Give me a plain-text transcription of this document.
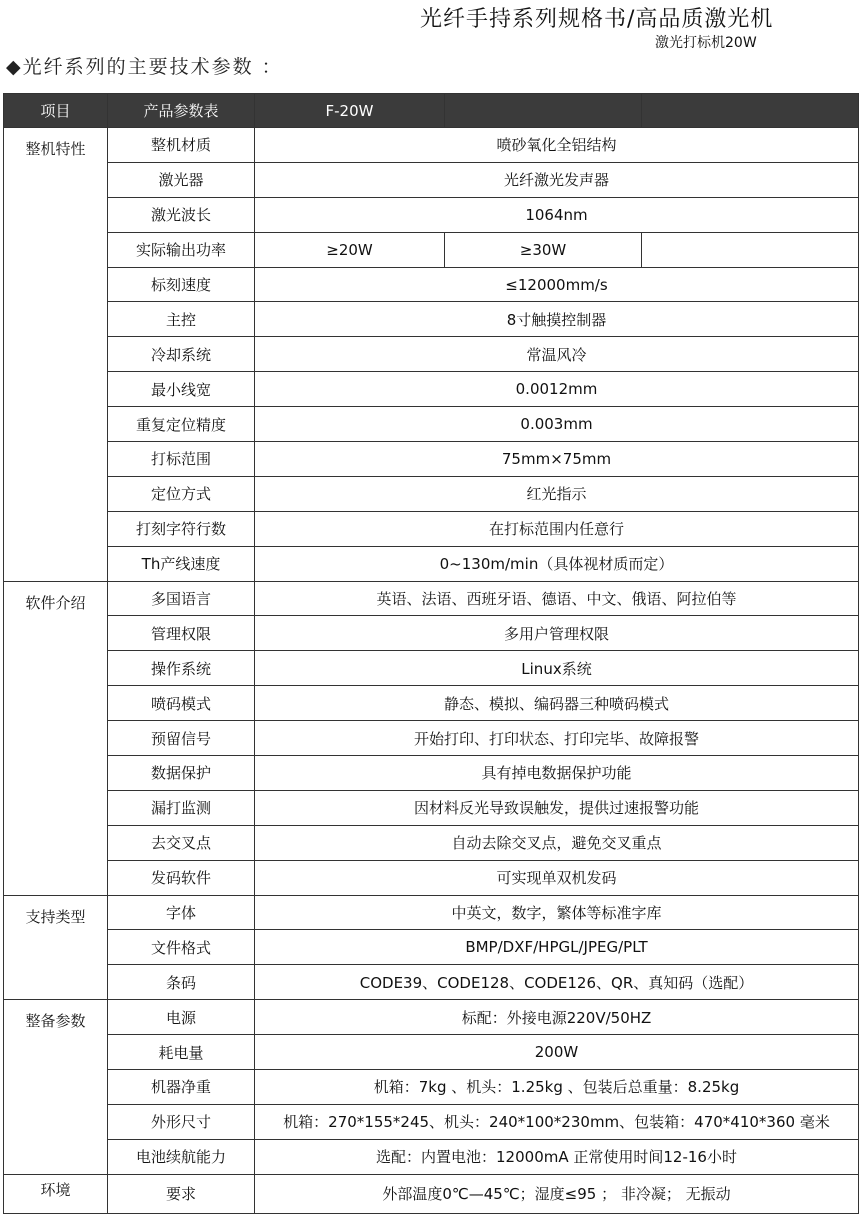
光纤手持系列规格书/高品质激光机
激光打标机20W
◆光纤系列的主要技术参数 ：
项目	产品参数表	F-20W		
整机特性	整机材质	喷砂氧化全铝结构		
	激光器	光纤激光发声器		
	激光波长	1064nm		
	实际输出功率	≥20W	≥30W	
	标刻速度	≤12000mm/s		
	主控	8寸触摸控制器		
	冷却系统	常温风冷		
	最小线宽	0.0012mm		
	重复定位精度	0.003mm		
	打标范围	75mm×75mm		
	定位方式	红光指示		
	打刻字符行数	在打标范围内任意行		
	Th产线速度	0~130m/min（具体视材质而定）		
软件介绍	多国语言	英语、法语、西班牙语、德语、中文、俄语、阿拉伯等		
	管理权限	多用户管理权限		
	操作系统	Linux系统		
	喷码模式	静态、模拟、编码器三种喷码模式		
	预留信号	开始打印、打印状态、打印完毕、故障报警		
	数据保护	具有掉电数据保护功能		
	漏打监测	因材料反光导致误触发，提供过速报警功能		
	去交叉点	自动去除交叉点，避免交叉重点		
	发码软件	可实现单双机发码		
支持类型	字体	中英文，数字，繁体等标准字库		
	文件格式	BMP/DXF/HPGL/JPEG/PLT		
	条码	CODE39、CODE128、CODE126、QR、真知码（选配）		
整备参数	电源	标配：外接电源220V/50HZ		
	耗电量	200W		
	机器净重	机箱：7kg 、机头：1.25kg 、包装后总重量：8.25kg		
	外形尺寸	机箱：270*155*245、机头：240*100*230mm、包装箱：470*410*360 毫米		
	电池续航能力	选配：内置电池：12000mA 正常使用时间12-16小时		
环境	要求	外部温度0℃—45℃；湿度≤95 ； 非冷凝； 无振动		
